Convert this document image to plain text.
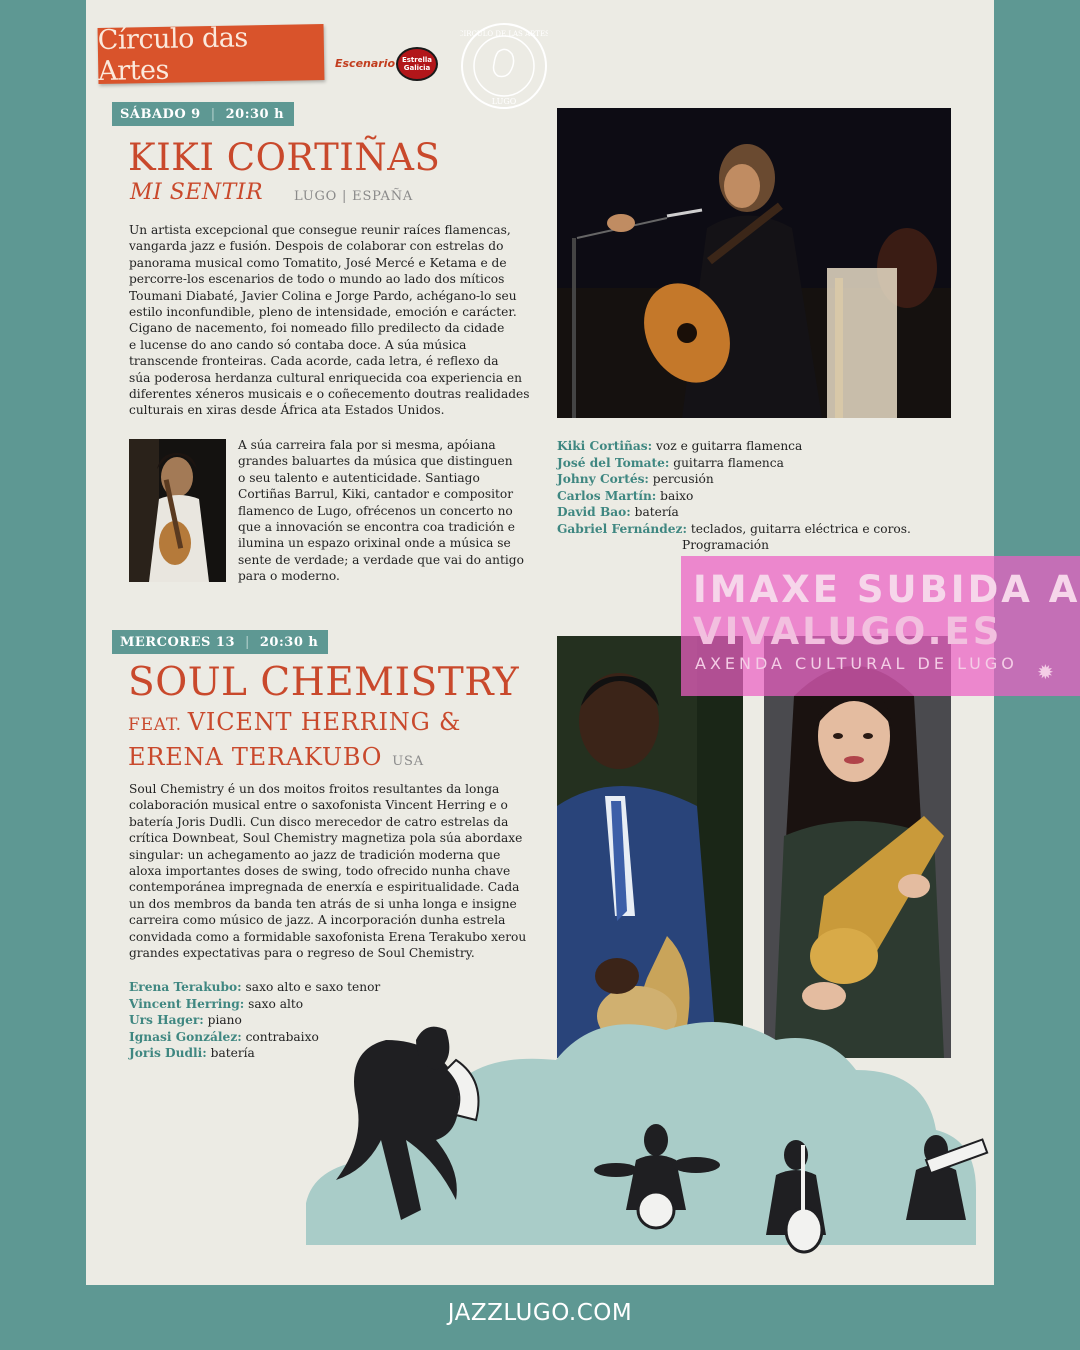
Círculo das Artes	Escenario Estrella
Galicia
CIRCULO DE LAS ARTES
LUGO
SÁBADO 9 | 20:30 h
KIKI CORTIÑAS
MI SENTIR LUGO | ESPAÑA
Un artista excepcional que consegue reunir raíces flamencas,
vangarda jazz e fusión. Despois de colaborar con estrelas do
panorama musical como Tomatito, José Mercé e Ketama e de
percorre-los escenarios de todo o mundo ao lado dos míticos
Toumani Diabaté, Javier Colina e Jorge Pardo, achégano-lo seu
estilo inconfundible, pleno de intensidade, emoción e carácter.
Cigano de nacemento, foi nomeado fillo predilecto da cidade
e lucense do ano cando só contaba doce. A súa música
transcende fronteiras. Cada acorde, cada letra, é reflexo da
súa poderosa herdanza cultural enriquecida coa experiencia en
diferentes xéneros musicais e o coñecemento doutras realidades
culturais en xiras desde África ata Estados Unidos.
A súa carreira fala por si mesma, apóiana
grandes baluartes da música que distinguen
o seu talento e autenticidade. Santiago
Cortiñas Barrul, Kiki, cantador e compositor
flamenco de Lugo, ofrécenos un concerto no
que a innovación se encontra coa tradición e
ilumina un espazo orixinal onde a música se
sente de verdade; a verdade que vai do antigo
para o moderno.
Kiki Cortiñas: voz e guitarra flamenca
José del Tomate: guitarra flamenca
Johny Cortés: percusión
Carlos Martín: baixo
David Bao: batería
Gabriel Fernández: teclados, guitarra eléctrica e coros.
Programación
MERCORES 13 | 20:30 h
SOUL CHEMISTRY
FEAT. VICENT HERRING &
ERENA TERAKUBO USA
Soul Chemistry é un dos moitos froitos resultantes da longa
colaboración musical entre o saxofonista Vincent Herring e o
batería Joris Dudli. Cun disco merecedor de catro estrelas da
crítica Downbeat, Soul Chemistry magnetiza pola súa abordaxe
singular: un achegamento ao jazz de tradición moderna que
aloxa importantes doses de swing, todo ofrecido nunha chave
contemporánea impregnada de enerxía e espiritualidade. Cada
un dos membros da banda ten atrás de si unha longa e insigne
carreira como músico de jazz. A incorporación dunha estrela
convidada como a formidable saxofonista Erena Terakubo xerou
grandes expectativas para o regreso de Soul Chemistry.
Erena Terakubo: saxo alto e saxo tenor
Vincent Herring: saxo alto
Urs Hager: piano
Ignasi González: contrabaixo
Joris Dudli: batería
JAZZLUGO.COM
IMAXE SUBIDA A
VIVALUGO.ES
AXENDA CULTURAL DE LUGO ✹
